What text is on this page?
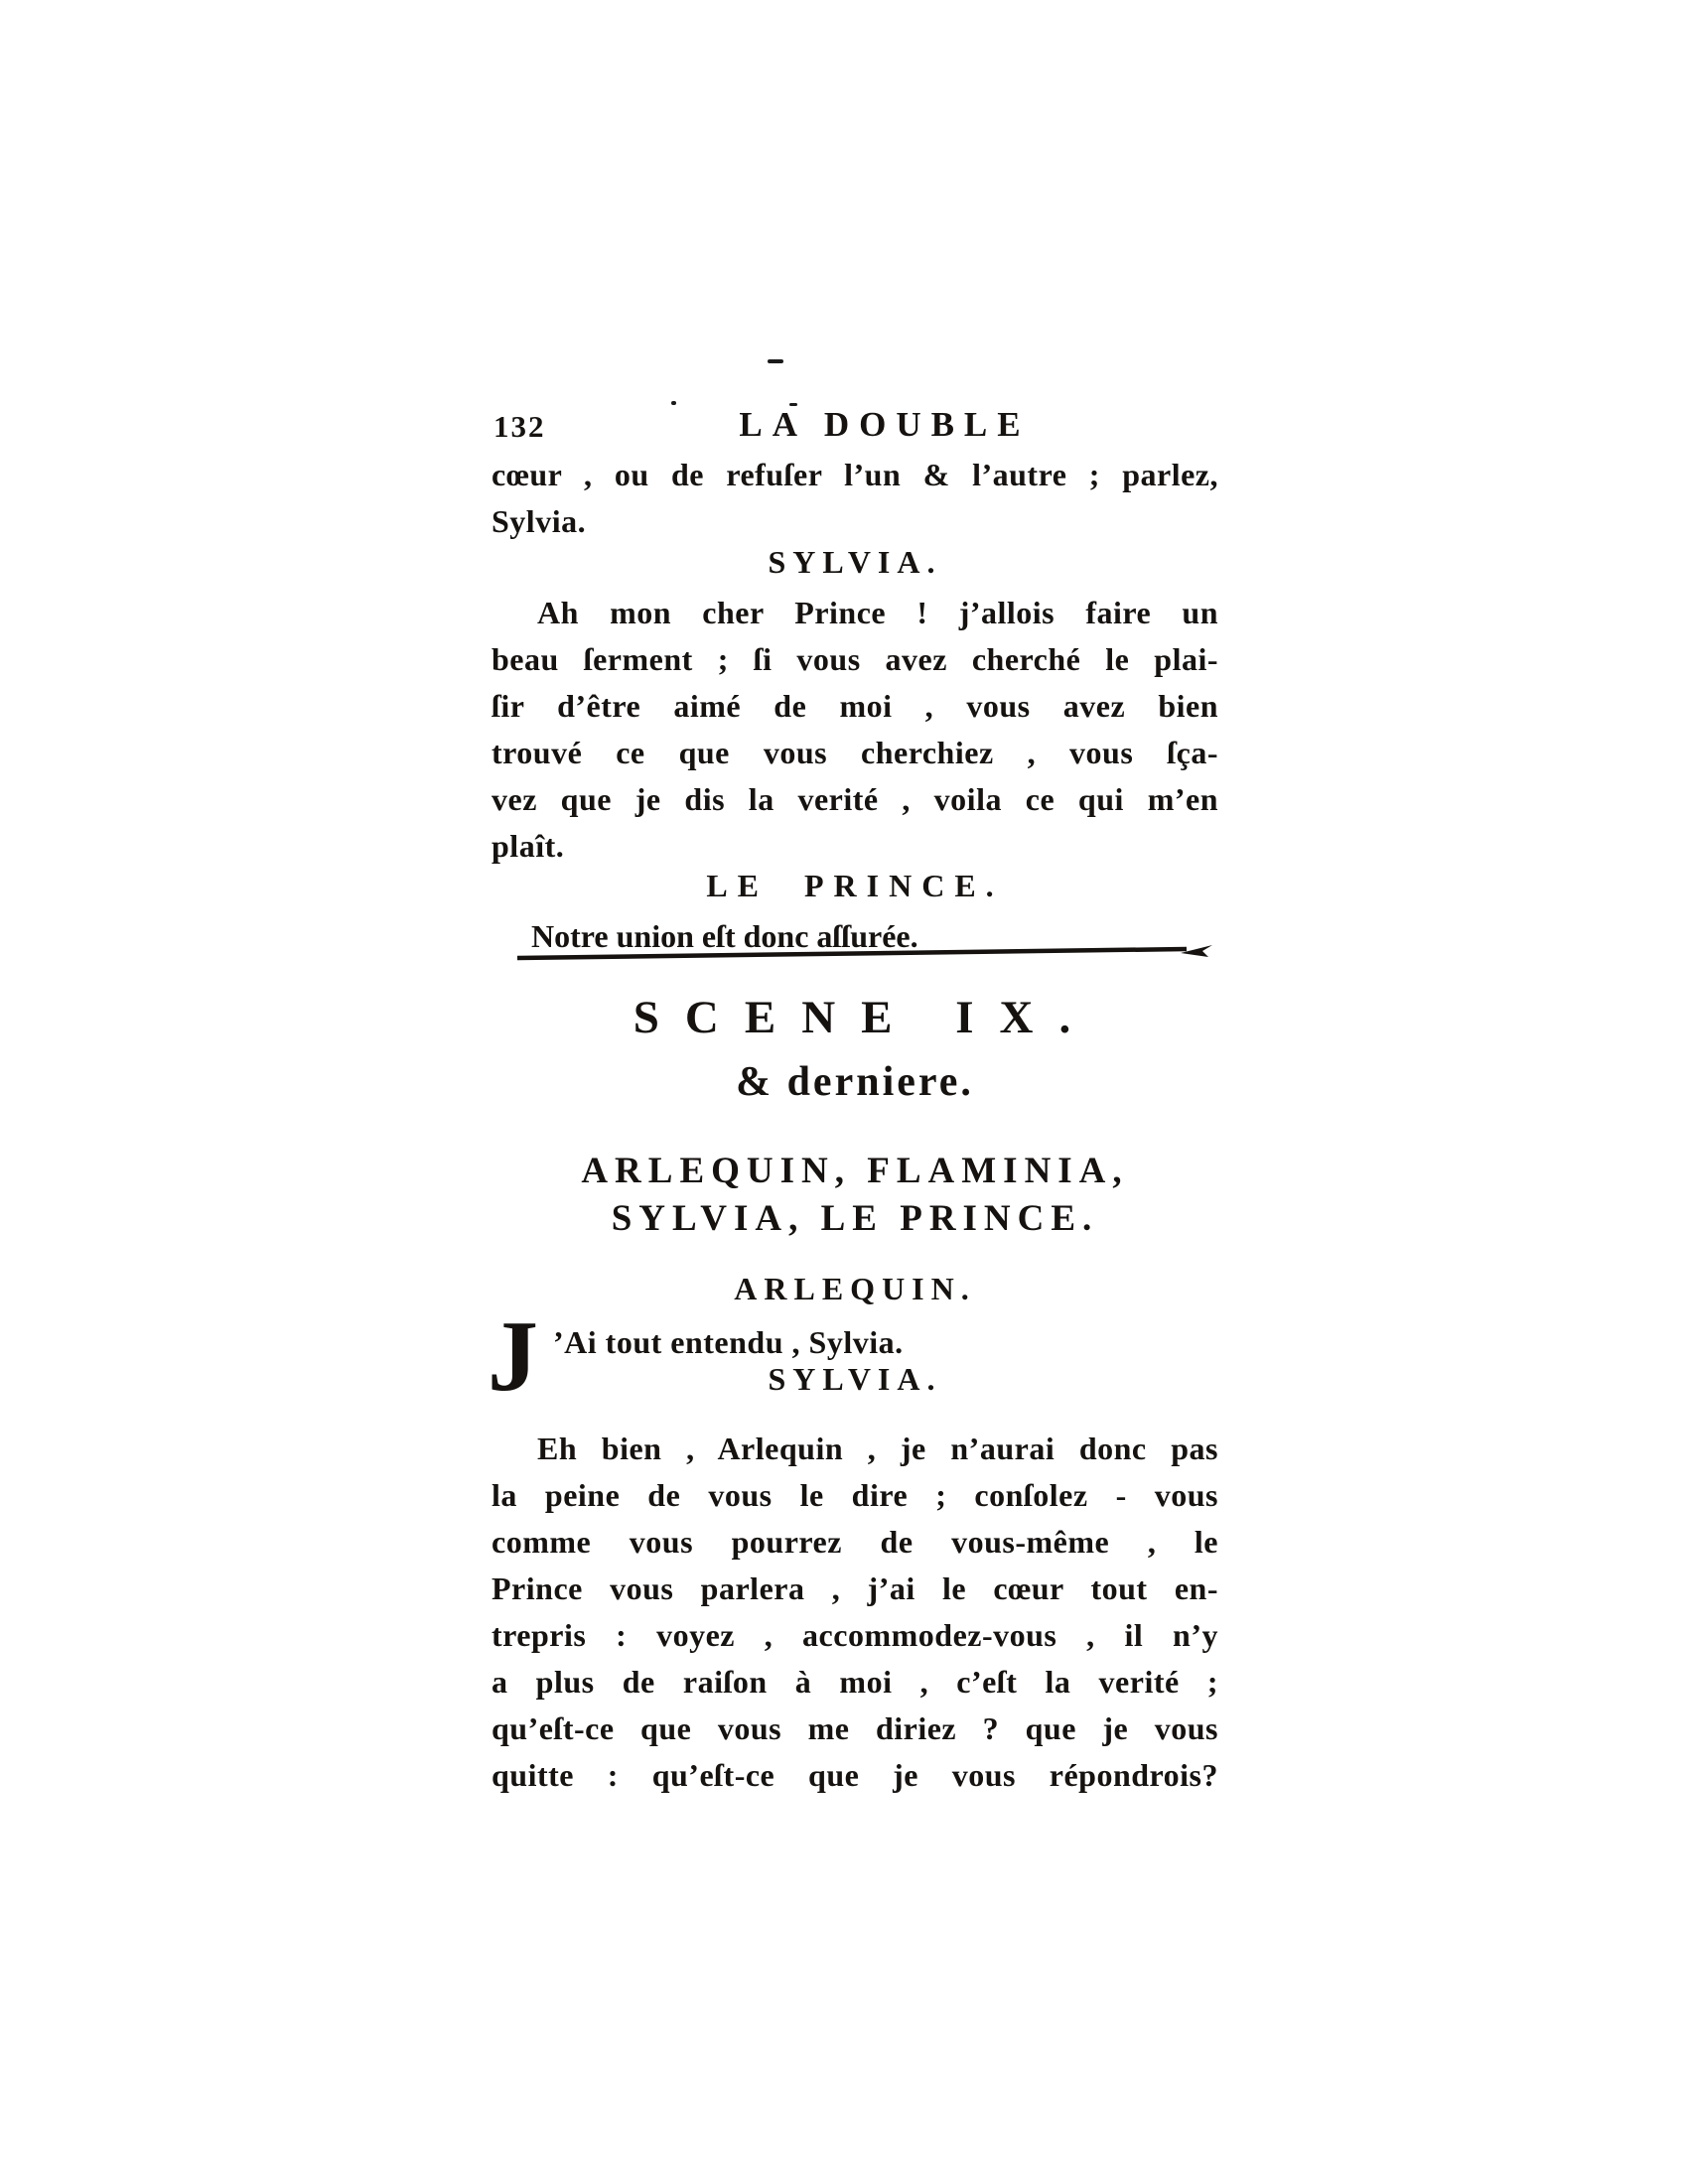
132	LA DOUBLE
cœur , ou de refuſer l’un & l’autre ; parlez,
Sylvia.
SYLVIA.
Ah mon cher Prince ! j’allois faire un
beau ſerment ; ſi vous avez cherché le plai-
ſir d’être aimé de moi , vous avez bien
trouvé ce que vous cherchiez , vous ſça-
vez que je dis la verité , voila ce qui m’en
plaît.
LE PRINCE.
Notre union eſt donc aſſurée.
SCENE IX.
& derniere.
ARLEQUIN, FLAMINIA,
SYLVIA, LE PRINCE.
ARLEQUIN.
J ’Ai tout entendu , Sylvia.
SYLVIA.
Eh bien , Arlequin , je n’aurai donc pas
la peine de vous le dire ; conſolez - vous
comme vous pourrez de vous-même , le
Prince vous parlera , j’ai le cœur tout en-
trepris : voyez , accommodez-vous , il n’y
a plus de raiſon à moi , c’eſt la verité ;
qu’eſt-ce que vous me diriez ? que je vous
quitte : qu’eſt-ce que je vous répondrois?
